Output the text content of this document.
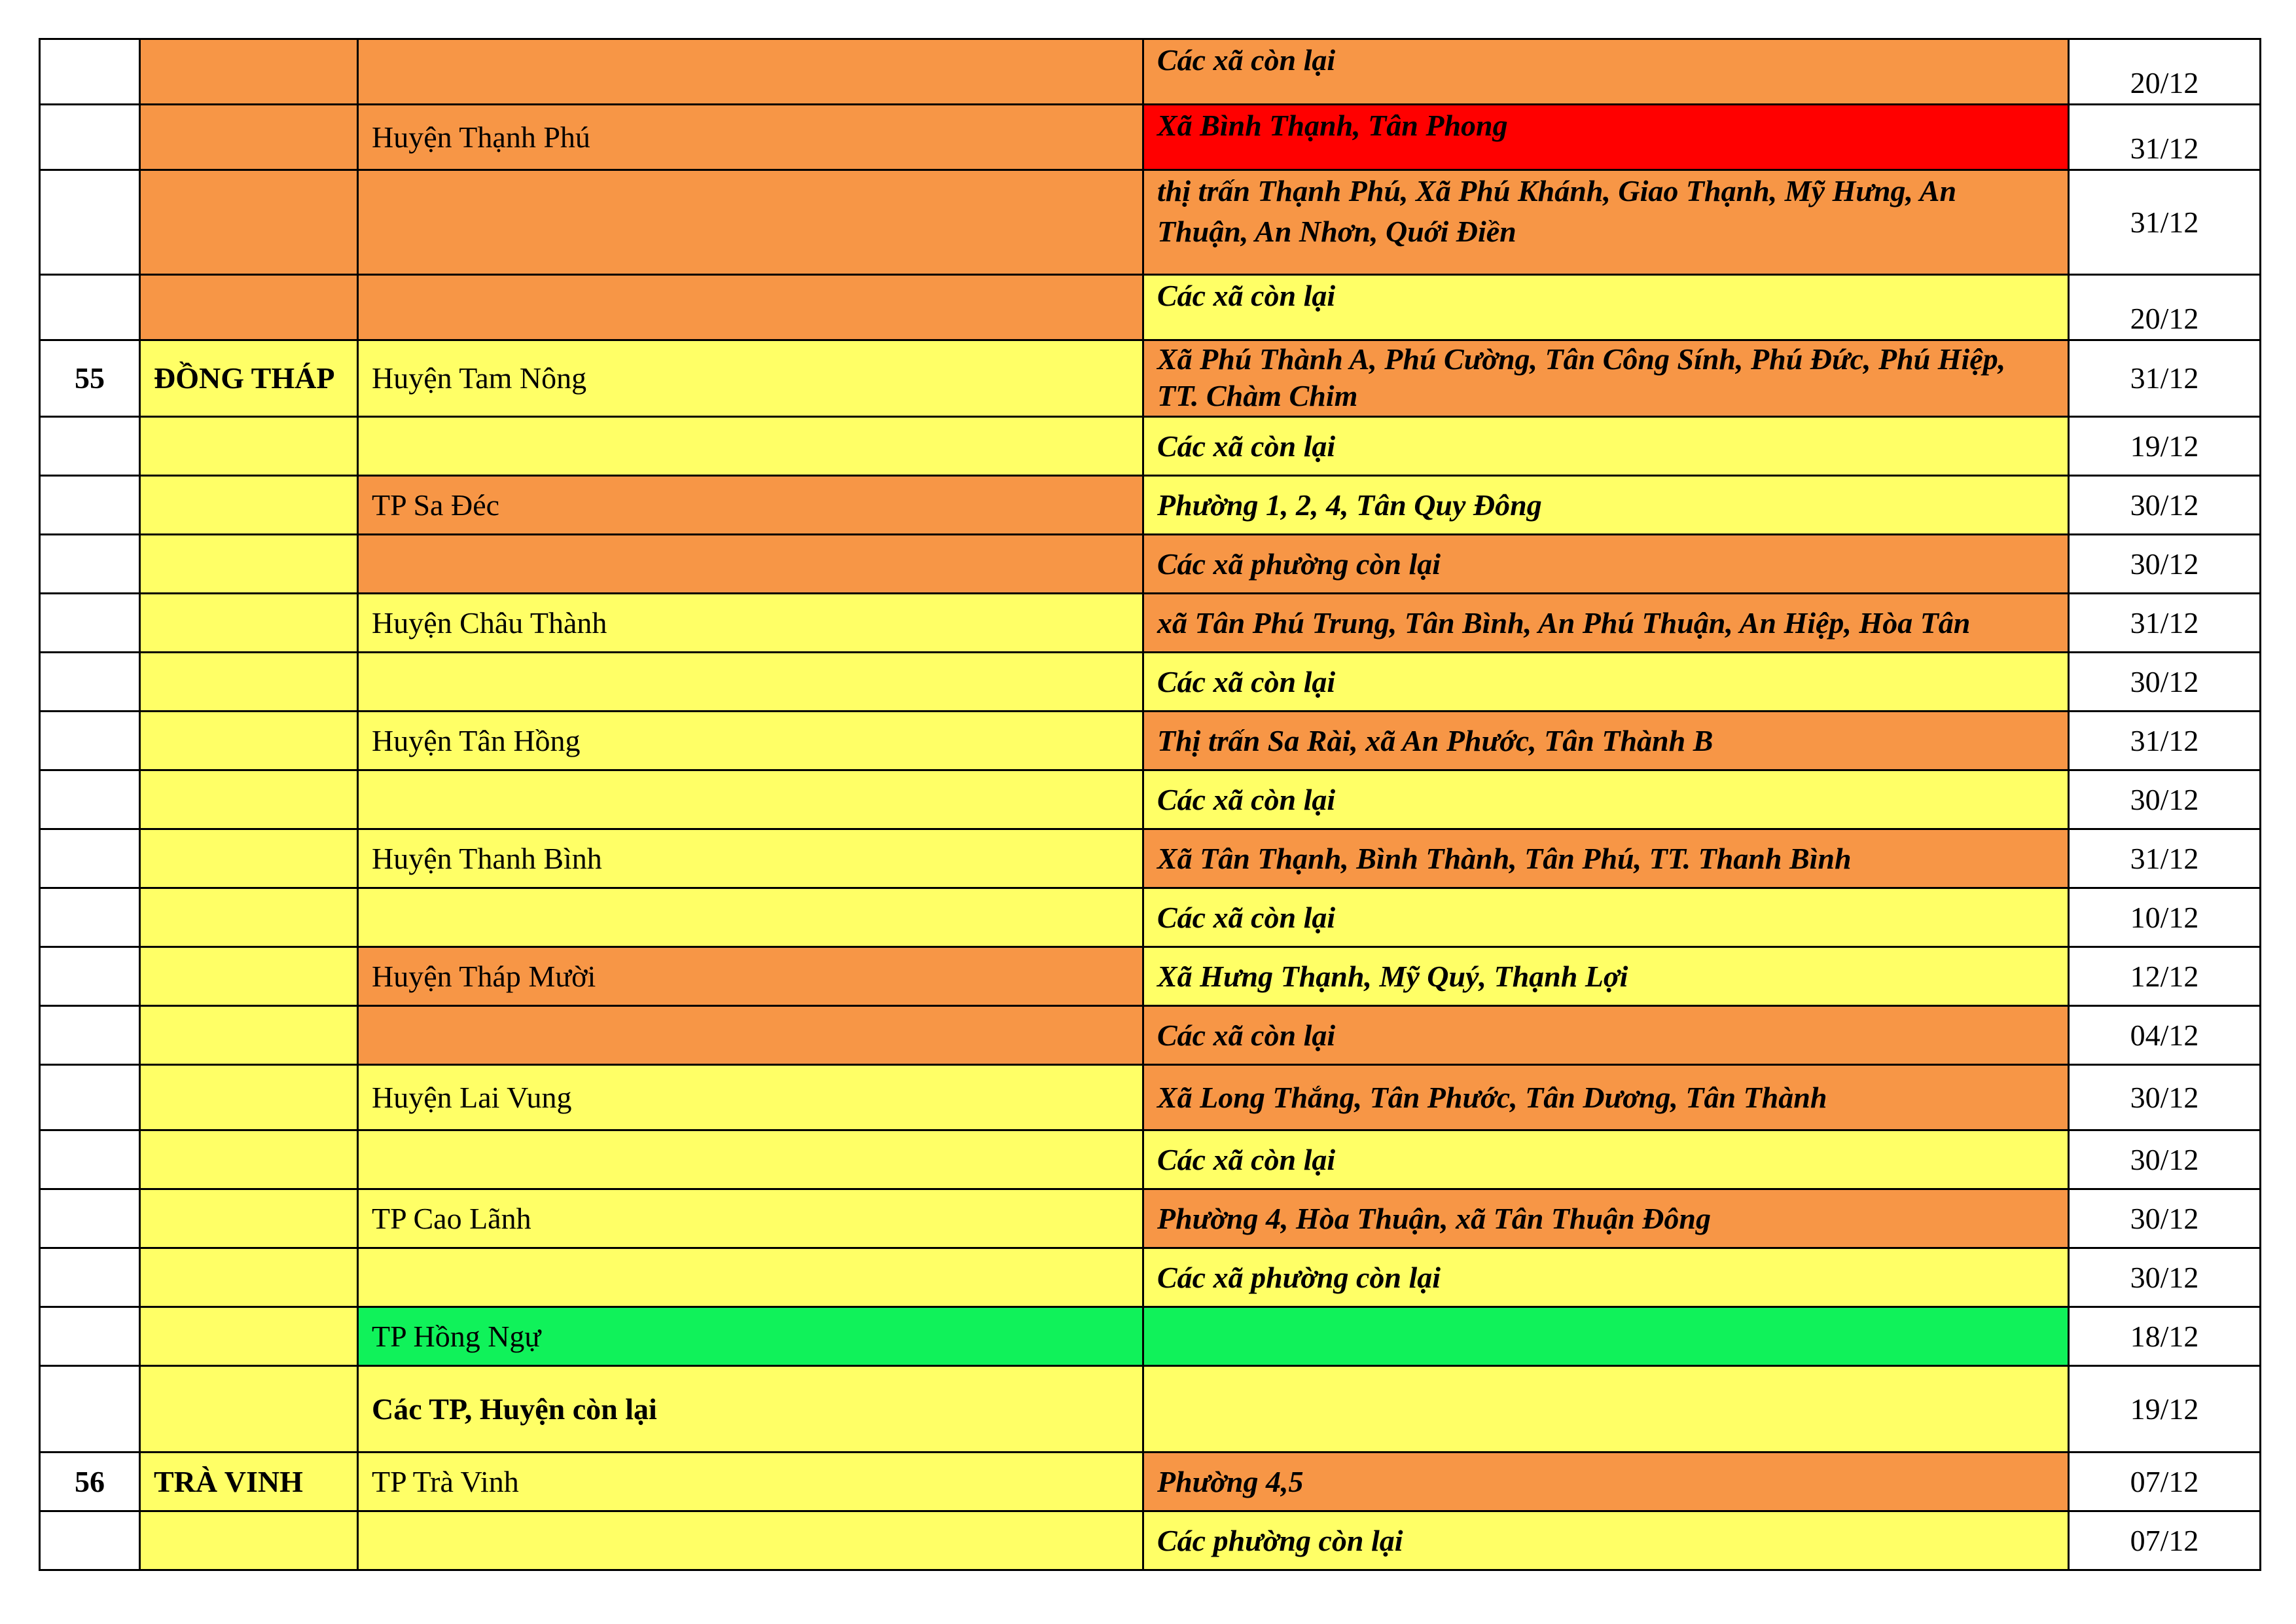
			Các xã còn lại	20/12
		Huyện Thạnh Phú	Xã Bình Thạnh, Tân Phong	31/12
			thị trấn Thạnh Phú, Xã Phú Khánh, Giao Thạnh, Mỹ Hưng, An Thuận, An Nhơn, Quới Điền	31/12
			Các xã còn lại	20/12
55	ĐỒNG THÁP	Huyện Tam Nông	Xã Phú Thành A, Phú Cường, Tân Công Sính, Phú Đức, Phú Hiệp, TT. Chàm Chim	31/12
			Các xã còn lại	19/12
		TP Sa Đéc	Phường 1, 2, 4, Tân Quy Đông	30/12
			Các xã phường còn lại	30/12
		Huyện Châu Thành	xã Tân Phú Trung, Tân Bình, An Phú Thuận, An Hiệp, Hòa Tân	31/12
			Các xã còn lại	30/12
		Huyện Tân Hồng	Thị trấn Sa Rài, xã An Phước, Tân Thành B	31/12
			Các xã còn lại	30/12
		Huyện Thanh Bình	Xã Tân Thạnh, Bình Thành, Tân Phú, TT. Thanh Bình	31/12
			Các xã còn lại	10/12
		Huyện Tháp Mười	Xã Hưng Thạnh, Mỹ Quý, Thạnh Lợi	12/12
			Các xã còn lại	04/12
		Huyện Lai Vung	Xã Long Thắng, Tân Phước, Tân Dương, Tân Thành	30/12
			Các xã còn lại	30/12
		TP Cao Lãnh	Phường 4, Hòa Thuận, xã Tân Thuận Đông	30/12
			Các xã phường còn lại	30/12
		TP Hồng Ngự		18/12
		Các TP, Huyện còn lại		19/12
56	TRÀ VINH	TP Trà Vinh	Phường 4,5	07/12
			Các phường còn lại	07/12
